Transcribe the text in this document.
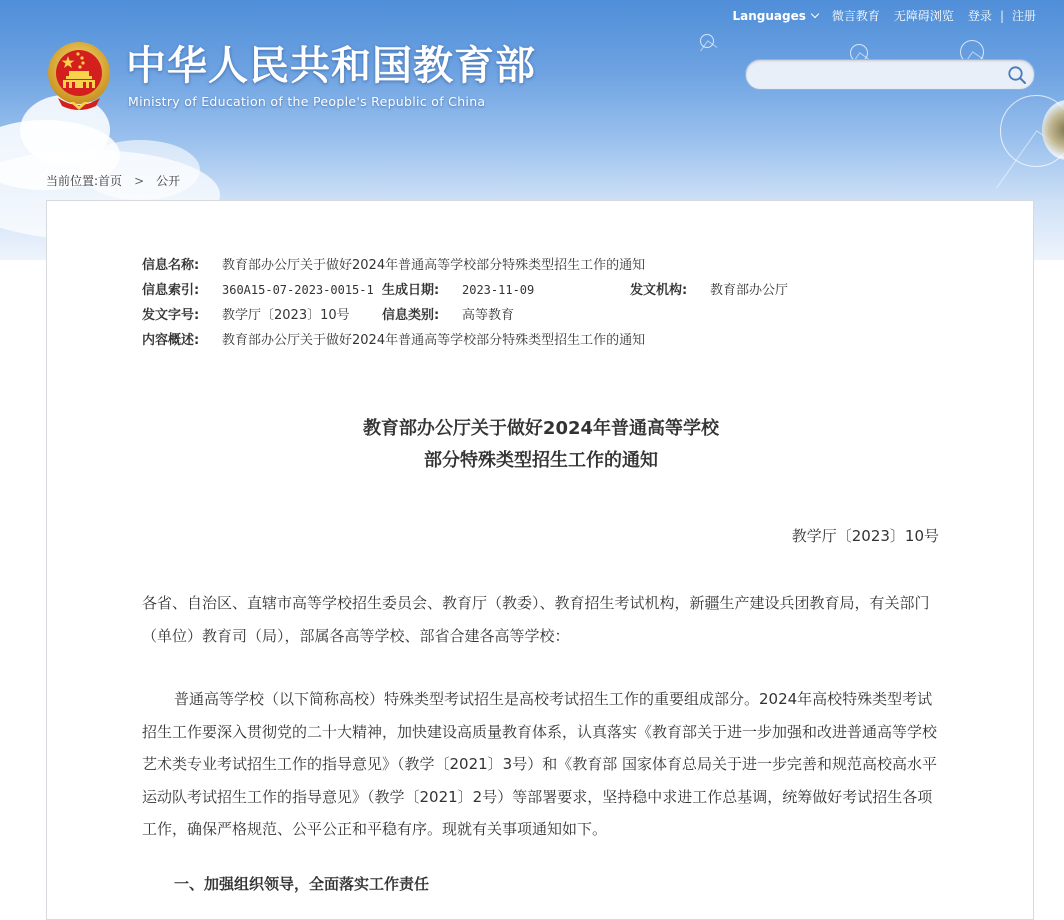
Languages 微言教育 无障碍浏览 登录 | 注册
中华人民共和国教育部
Ministry of Education of the People's Republic of China
当前位置: 首页 > 公开
信息名称: 教育部办公厅关于做好2024年普通高等学校部分特殊类型招生工作的通知
信息索引: 360A15-07-2023-0015-1 生成日期: 2023-11-09	发文机构: 教育部办公厅
发文字号: 教学厅〔2023〕10号 信息类别: 高等教育
内容概述: 教育部办公厅关于做好2024年普通高等学校部分特殊类型招生工作的通知
教育部办公厅关于做好2024年普通高等学校
部分特殊类型招生工作的通知
教学厅〔2023〕10号
各省、自治区、直辖市高等学校招生委员会、教育厅（教委）、教育招生考试机构，新疆生产建设兵团教育局，有关部门（单位）教育司（局），部属各高等学校、部省合建各高等学校：
普通高等学校（以下简称高校）特殊类型考试招生是高校考试招生工作的重要组成部分。2024年高校特殊类型考试招生工作要深入贯彻党的二十大精神，加快建设高质量教育体系，认真落实《教育部关于进一步加强和改进普通高等学校艺术类专业考试招生工作的指导意见》（教学〔2021〕3号）和《教育部 国家体育总局关于进一步完善和规范高校高水平运动队考试招生工作的指导意见》（教学〔2021〕2号）等部署要求，坚持稳中求进工作总基调，统筹做好考试招生各项工作，确保严格规范、公平公正和平稳有序。现就有关事项通知如下。
一、加强组织领导，全面落实工作责任
